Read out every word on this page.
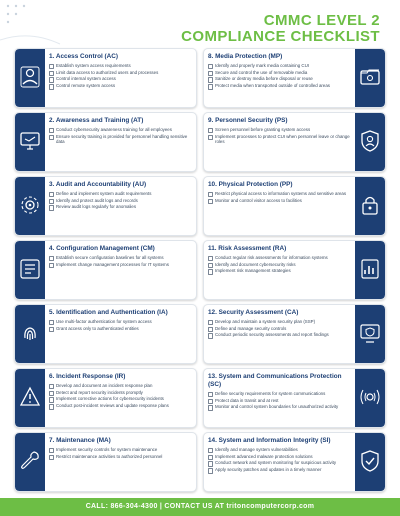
CMMC LEVEL 2
COMPLIANCE CHECKLIST
1. Access Control (AC)
Establish system access requirements
Limit data access to authorized users and processes
Control internal system access
Control remote system access
8. Media Protection (MP)
Identify and properly mark media containing CUI
Secure and control the use of removable media
Sanitize or destroy media before disposal or reuse
Protect media when transported outside of controlled areas
2. Awareness and Training (AT)
Conduct cybersecurity awareness training for all employees
Ensure security training is provided for personnel handling sensitive data
9. Personnel Security (PS)
Screen personnel before granting system access
Implement processes to protect CUI when personnel leave or change roles
3. Audit and Accountability (AU)
Define and implement system audit requirements
Identify and protect audit logs and records
Review audit logs regularly for anomalies
10. Physical Protection (PP)
Restrict physical access to information systems and sensitive areas
Monitor and control visitor access to facilities
4. Configuration Management (CM)
Establish secure configuration baselines for all systems
Implement change management processes for IT systems
11. Risk Assessment (RA)
Conduct regular risk assessments for information systems
Identify and document cybersecurity risks
Implement risk management strategies
5. Identification and Authentication (IA)
Use multi-factor authentication for system access
Grant access only to authenticated entities
12. Security Assessment (CA)
Develop and maintain a system security plan (SSP)
Define and manage security controls
Conduct periodic security assessments and report findings
6. Incident Response (IR)
Develop and document an incident response plan
Detect and report security incidents promptly
Implement corrective actions for cybersecurity incidents
Conduct post-incident reviews and update response plans
13. System and Communications Protection (SC)
Define security requirements for system communications
Protect data in transit and at rest
Monitor and control system boundaries for unauthorized activity
7. Maintenance (MA)
Implement security controls for system maintenance
Restrict maintenance activities to authorized personnel
14. System and Information Integrity (SI)
Identify and manage system vulnerabilities
Implement advanced malware protection solutions
Conduct network and system monitoring for suspicious activity
Apply security patches and updates in a timely manner
CALL: 866-304-4300 | CONTACT US AT tritoncomputercorp.com
